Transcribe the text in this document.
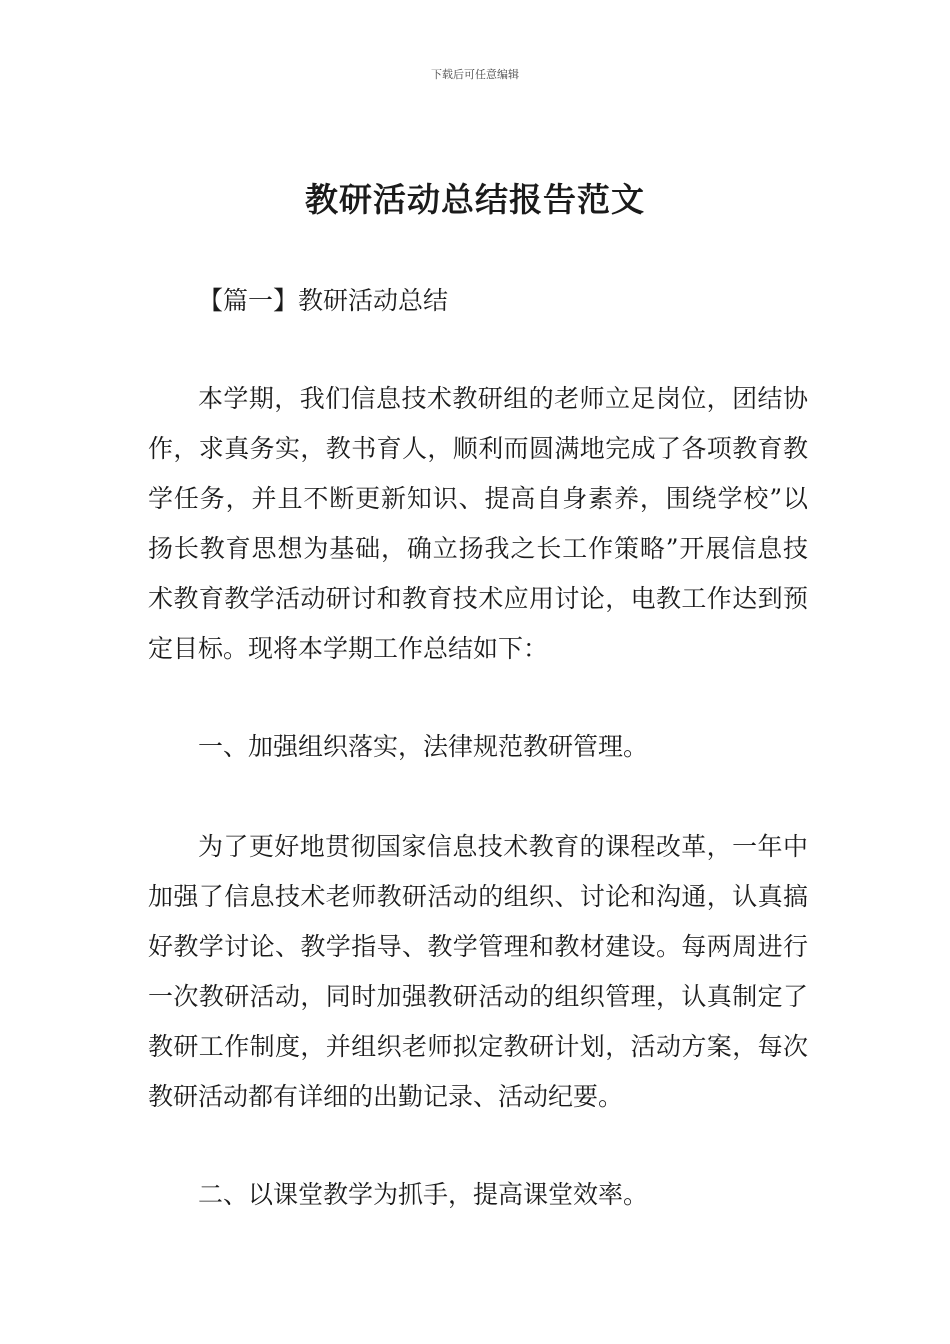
下载后可任意编辑
教研活动总结报告范文

【篇一】教研活动总结

本学期，我们信息技术教研组的老师立足岗位，团结协作，求真务实，教书育人，顺利而圆满地完成了各项教育教学任务，并且不断更新知识、提高自身素养，围绕学校”以扬长教育思想为基础，确立扬我之长工作策略”开展信息技术教育教学活动研讨和教育技术应用讨论，电教工作达到预定目标。现将本学期工作总结如下：

一、加强组织落实，法律规范教研管理。

为了更好地贯彻国家信息技术教育的课程改革，一年中加强了信息技术老师教研活动的组织、讨论和沟通，认真搞好教学讨论、教学指导、教学管理和教材建设。每两周进行一次教研活动，同时加强教研活动的组织管理，认真制定了教研工作制度，并组织老师拟定教研计划，活动方案，每次教研活动都有详细的出勤记录、活动纪要。

二、以课堂教学为抓手，提高课堂效率。
